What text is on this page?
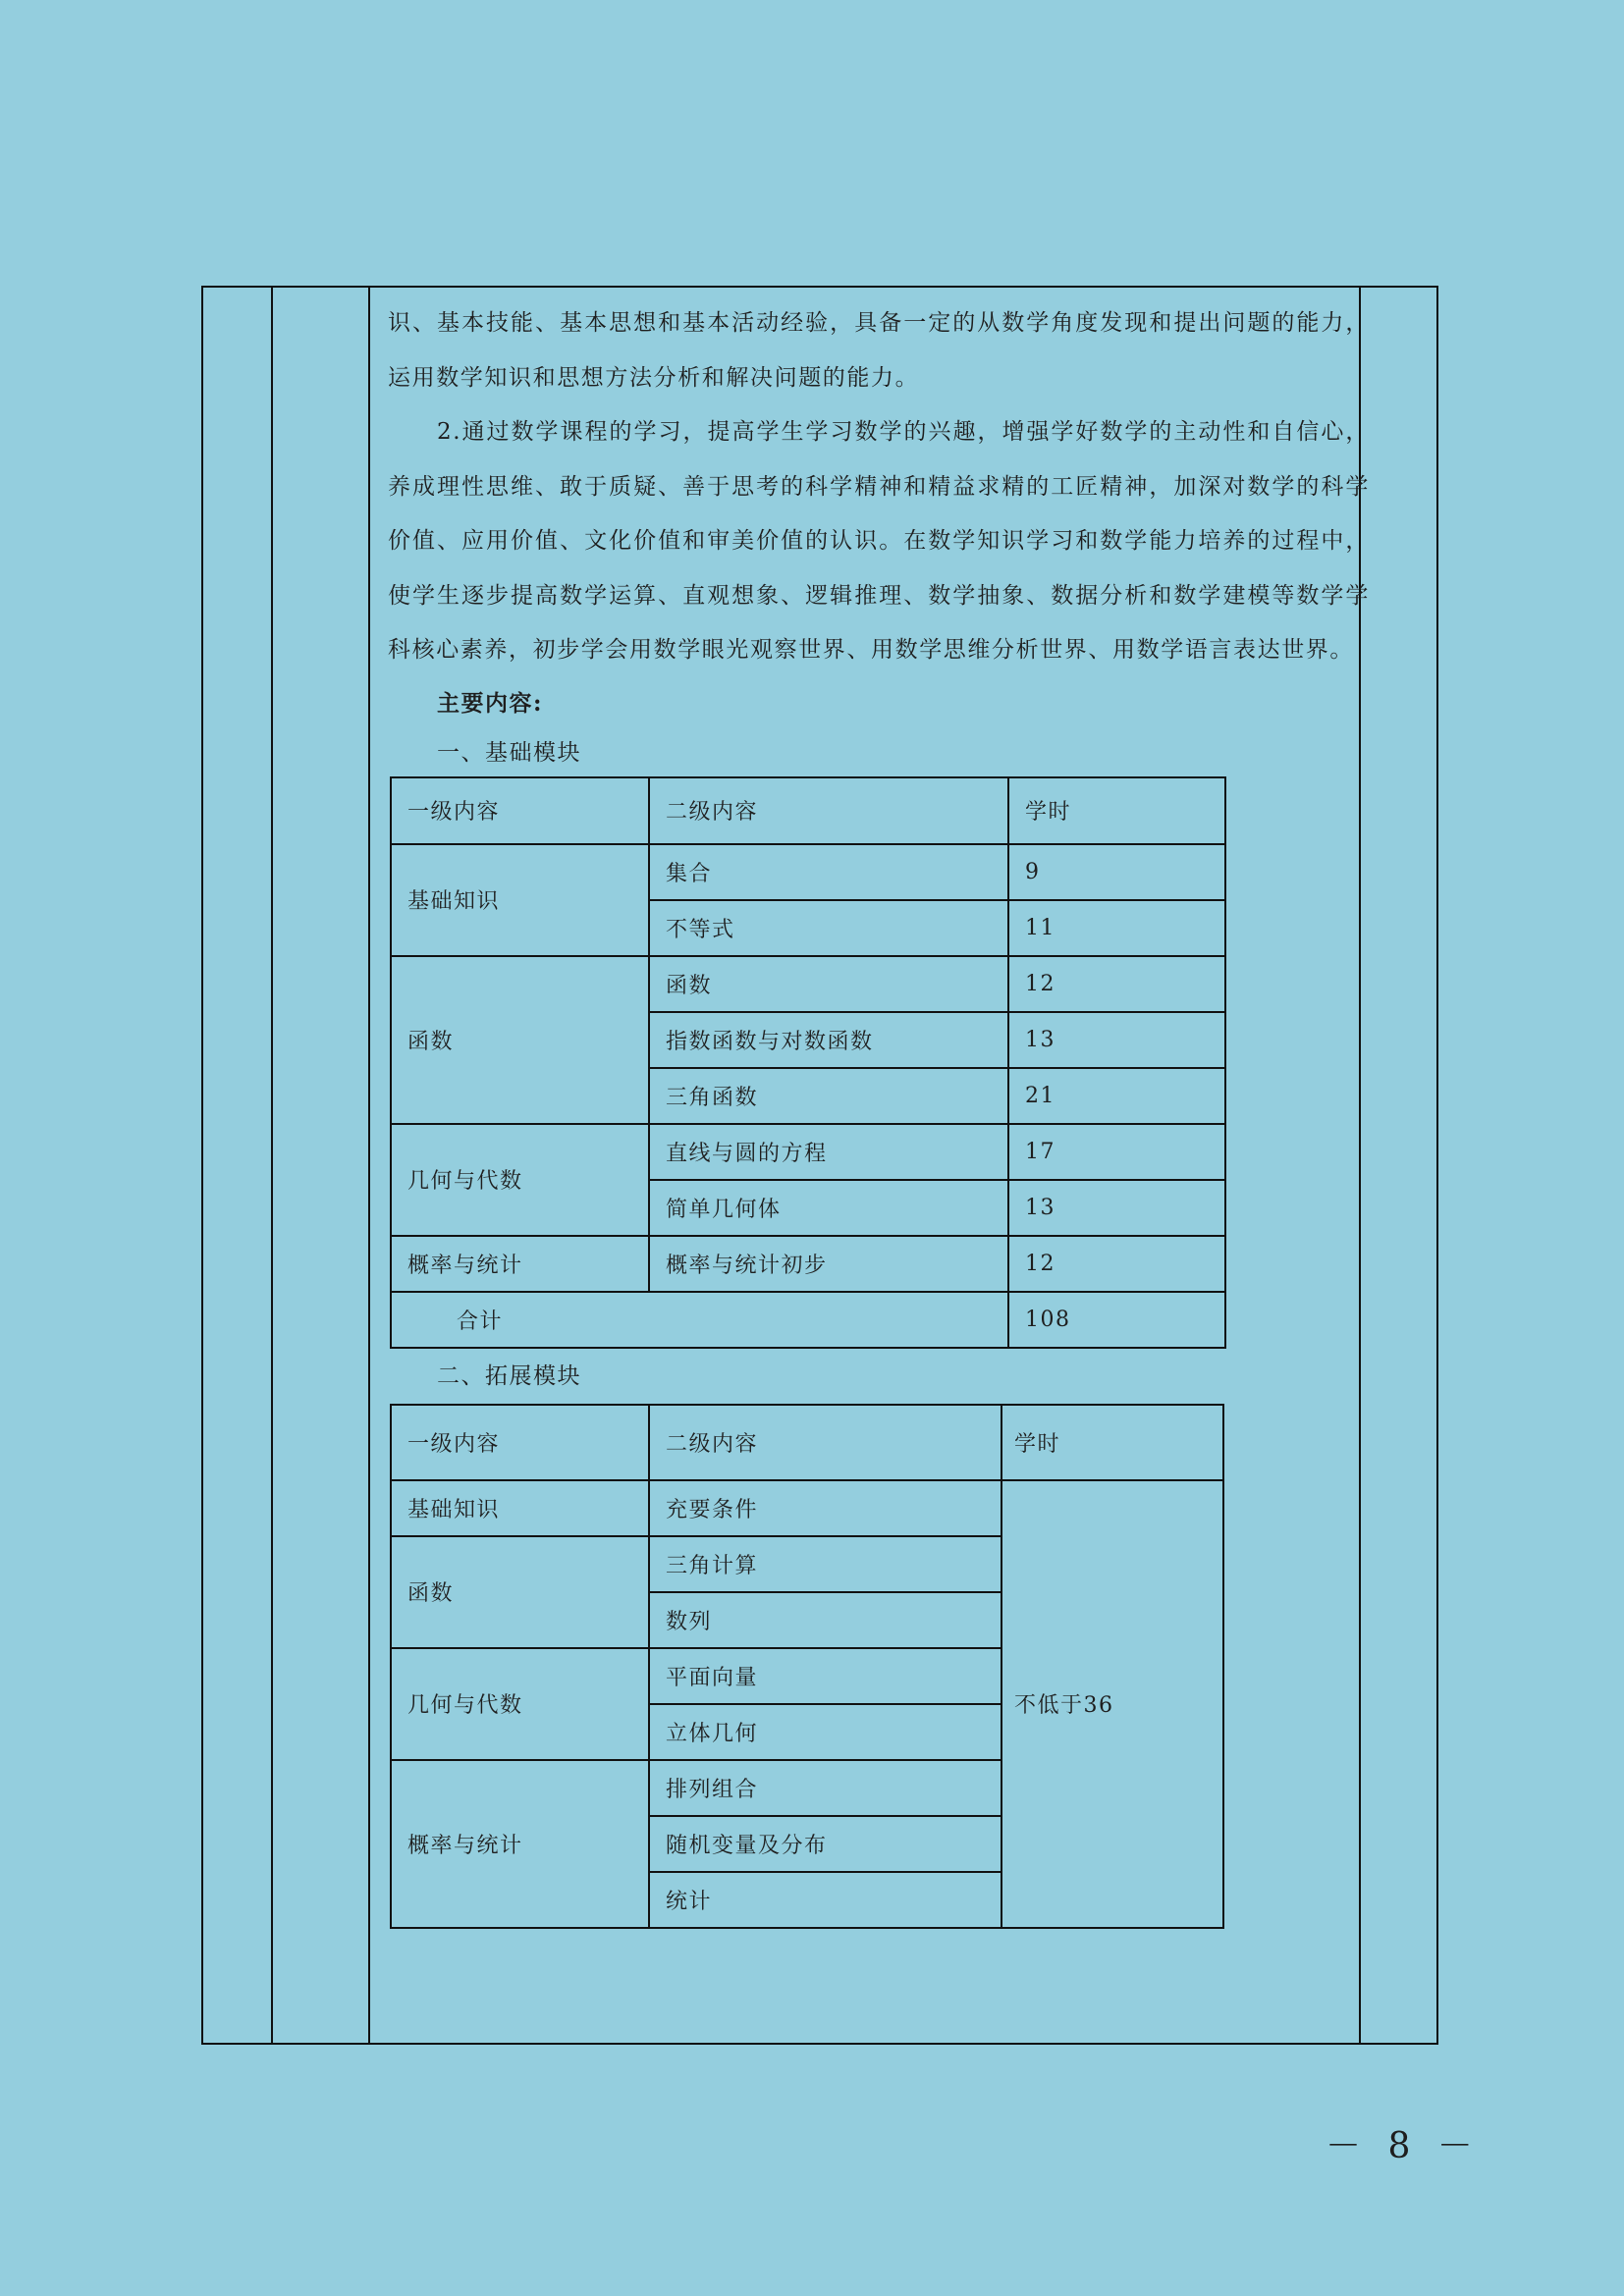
识、基本技能、基本思想和基本活动经验，具备一定的从数学角度发现和提出问题的能力，运用数学知识和思想方法分析和解决问题的能力。

2.通过数学课程的学习，提高学生学习数学的兴趣，增强学好数学的主动性和自信心，养成理性思维、敢于质疑、善于思考的科学精神和精益求精的工匠精神，加深对数学的科学价值、应用价值、文化价值和审美价值的认识。在数学知识学习和数学能力培养的过程中，使学生逐步提高数学运算、直观想象、逻辑推理、数学抽象、数据分析和数学建模等数学学科核心素养，初步学会用数学眼光观察世界、用数学思维分析世界、用数学语言表达世界。

主要内容:

一、基础模块

一级内容	二级内容	学时
基础知识	集合	9
	不等式	11
函数	函数	12
	指数函数与对数函数	13
	三角函数	21
几何与代数	直线与圆的方程	17
	简单几何体	13
概率与统计	概率与统计初步	12
合计		108

二、拓展模块

一级内容	二级内容	学时
基础知识	充要条件	不低于36
函数	三角计算	
	数列	
几何与代数	平面向量	
	立体几何	
概率与统计	排列组合	
	随机变量及分布	
	统计	
－ 8 －
